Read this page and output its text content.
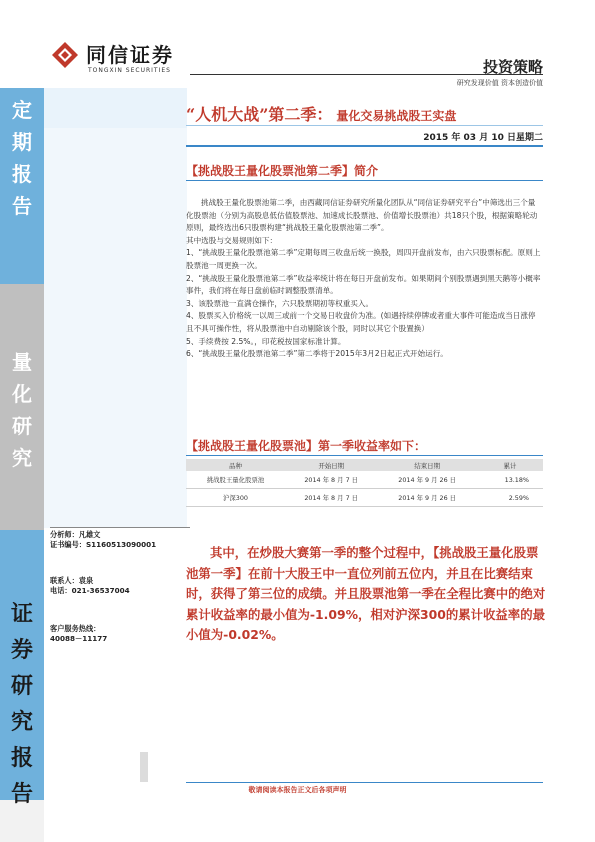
同信证券
TONGXIN SECURITIES	投资策略
研究发现价值 资本创造价值
定
期
报
告
量
化
研
究
证
券
研
究
报
告
“人机大战”第二季： 量化交易挑战股王实盘
2015 年 03 月 10 日星期二
【挑战股王量化股票池第二季】简介

挑战股王量化股票池第二季，由西藏同信证券研究所量化团队从“同信证券研究平台”中筛选出三个量化股票池（分别为高股息低估值股票池、加速成长股票池、价值增长股票池）共18只个股，根据策略轮动原则，最终选出6只股票构建“挑战股王量化股票池第二季”。

其中选股与交易规则如下：

1、“挑战股王量化股票池第二季”定期每周三收盘后统一换股，周四开盘前发布，由六只股票标配。原则上股票池一周更换一次。

2、“挑战股王量化股票池第二季”收益率统计将在每日开盘前发布。如果期间个别股票遇到黑天鹅等小概率事件，我们将在每日盘前临时调整股票清单。

3、该股票池一直满仓操作，六只股票期初等权重买入。

4、股票买入价格统一以周三或前一个交易日收盘价为准。(如遇持续停牌或者重大事件可能造成当日涨停且不具可操作性，将从股票池中自动剔除该个股，同时以其它个股置换）

5、手续费按 2.5%。，印花税按国家标准计算。

6、“挑战股王量化股票池第二季”第二季将于2015年3月2日起正式开始运行。

【挑战股王量化股票池】第一季收益率如下：
品种	开始日期	结束日期	累计
挑战股王量化股票池	2014 年 8 月 7 日	2014 年 9 月 26 日	13.18%
沪深300	2014 年 8 月 7 日	2014 年 9 月 26 日	2.59%
分析师：凡雄文
证书编号：S1160513090001
联系人：袁泉
电话：021-36537004
客户服务热线：
40088－11177

其中，在炒股大赛第一季的整个过程中，【挑战股王量化股票池第一季】在前十大股王中一直位列前五位内，并且在比赛结束时，获得了第三位的成绩。并且股票池第一季在全程比赛中的绝对累计收益率的最小值为-1.09%，相对沪深300的累计收益率的最小值为-0.02%。

敬请阅读本报告正文后各项声明
